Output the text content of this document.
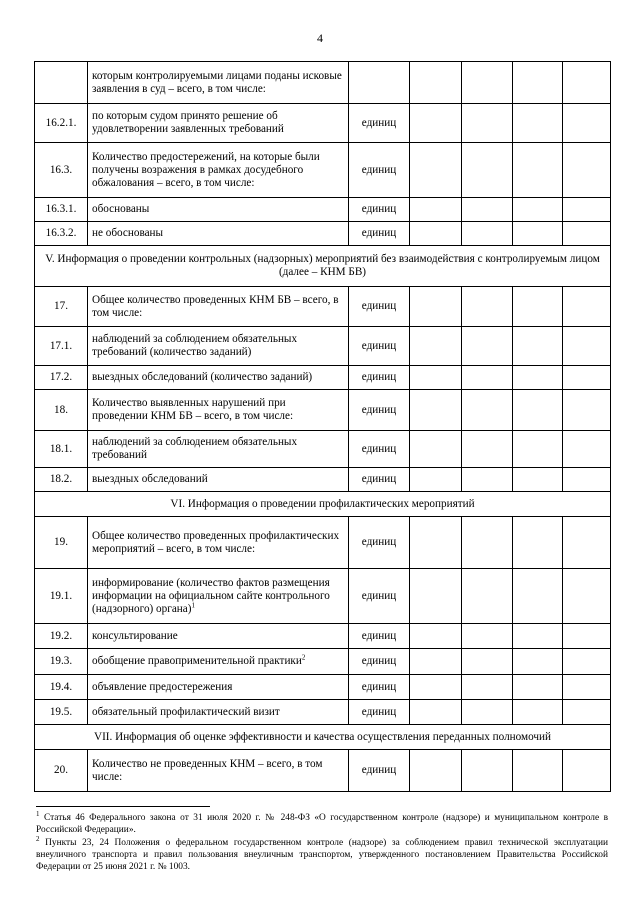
4
	которым контролируемыми лицами поданы исковые заявления в суд – всего, в том числе:					
16.2.1.	по которым судом принято решение об удовлетворении заявленных требований	единиц				
16.3.	Количество предостережений, на которые были получены возражения в рамках досудебного обжалования – всего, в том числе:	единиц				
16.3.1.	обоснованы	единиц				
16.3.2.	не обоснованы	единиц				
V. Информация о проведении контрольных (надзорных) мероприятий без взаимодействия с контролируемым лицом (далее – КНМ БВ)						
17.	Общее количество проведенных КНМ БВ – всего, в том числе:	единиц				
17.1.	наблюдений за соблюдением обязательных требований (количество заданий)	единиц				
17.2.	выездных обследований (количество заданий)	единиц				
18.	Количество выявленных нарушений при проведении КНМ БВ – всего, в том числе:	единиц				
18.1.	наблюдений за соблюдением обязательных требований	единиц				
18.2.	выездных обследований	единиц				
VI. Информация о проведении профилактических мероприятий						
19.	Общее количество проведенных профилактических мероприятий – всего, в том числе:	единиц				
19.1.	информирование (количество фактов размещения информации на официальном сайте контрольного (надзорного) органа)$^1$	единиц				
19.2.	консультирование	единиц				
19.3.	обобщение правоприменительной практики$^2$	единиц				
19.4.	объявление предостережения	единиц				
19.5.	обязательный профилактический визит	единиц				
VII. Информация об оценке эффективности и качества осуществления переданных полномочий						
20.	Количество не проведенных КНМ – всего, в том числе:	единиц				

$^1$ Статья 46 Федерального закона от 31 июля 2020 г. № 248-ФЗ «О государственном контроле (надзоре) и муниципальном контроле в Российской Федерации».

$^2$ Пункты 23, 24 Положения о федеральном государственном контроле (надзоре) за соблюдением правил технической эксплуатации внеуличного транспорта и правил пользования внеуличным транспортом, утвержденного постановлением Правительства Российской Федерации от 25 июня 2021 г. № 1003.
